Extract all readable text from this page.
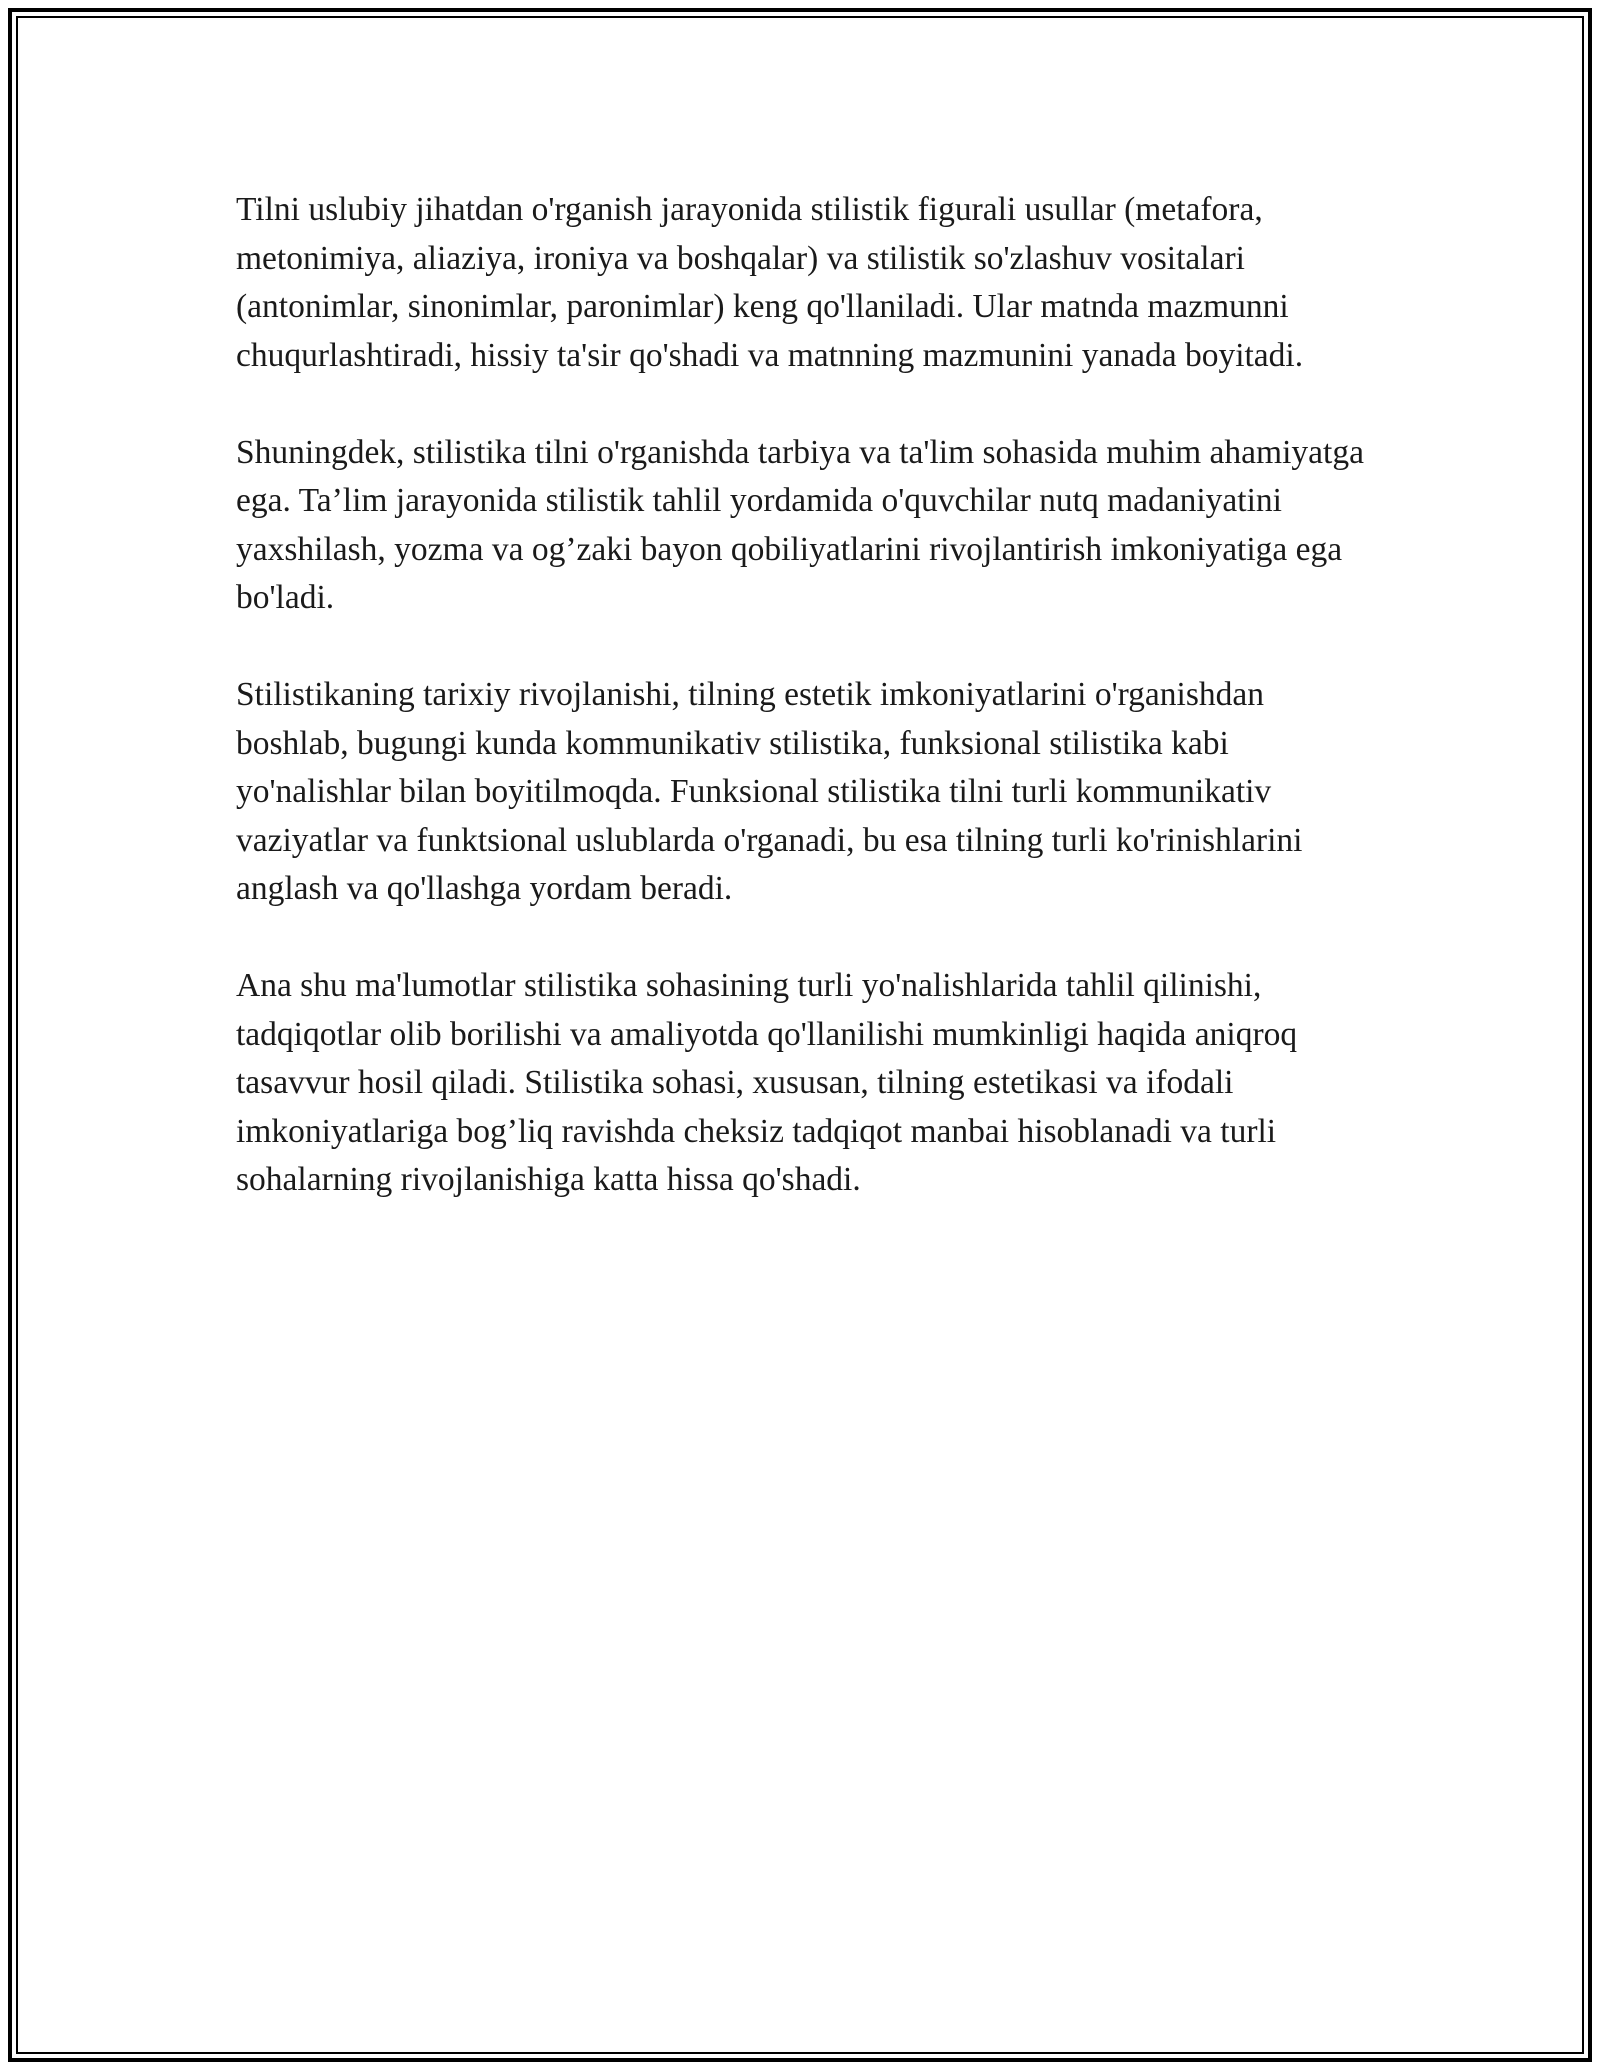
Tilni uslubiy jihatdan o'rganish jarayonida stilistik figurali usullar (metafora, metonimiya, aliaziya, ironiya va boshqalar) va stilistik so'zlashuv vositalari (antonimlar, sinonimlar, paronimlar) keng qo'llaniladi. Ular matnda mazmunni chuqurlashtiradi, hissiy ta'sir qo'shadi va matnning mazmunini yanada boyitadi.

Shuningdek, stilistika tilni o'rganishda tarbiya va ta'lim sohasida muhim ahamiyatga ega. Ta’lim jarayonida stilistik tahlil yordamida o'quvchilar nutq madaniyatini yaxshilash, yozma va og’zaki bayon qobiliyatlarini rivojlantirish imkoniyatiga ega bo'ladi.

Stilistikaning tarixiy rivojlanishi, tilning estetik imkoniyatlarini o'rganishdan boshlab, bugungi kunda kommunikativ stilistika, funksional stilistika kabi yo'nalishlar bilan boyitilmoqda. Funksional stilistika tilni turli kommunikativ vaziyatlar va funktsional uslublarda o'rganadi, bu esa tilning turli ko'rinishlarini anglash va qo'llashga yordam beradi.

Ana shu ma'lumotlar stilistika sohasining turli yo'nalishlarida tahlil qilinishi, tadqiqotlar olib borilishi va amaliyotda qo'llanilishi mumkinligi haqida aniqroq tasavvur hosil qiladi. Stilistika sohasi, xususan, tilning estetikasi va ifodali imkoniyatlariga bog’liq ravishda cheksiz tadqiqot manbai hisoblanadi va turli sohalarning rivojlanishiga katta hissa qo'shadi.
